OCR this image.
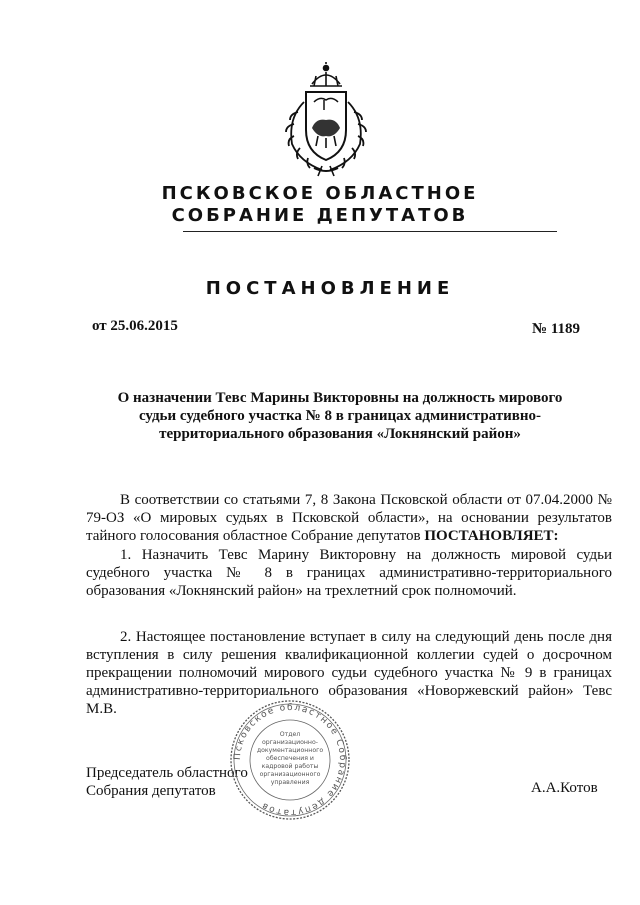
ПСКОВСКОЕ ОБЛАСТНОЕ
СОБРАНИЕ ДЕПУТАТОВ
ПОСТАНОВЛЕНИЕ
от 25.06.2015	№ 1189
О назначении Тевс Марины Викторовны на должность мирового судьи судебного участка № 8 в границах административно-территориального образования «Локнянский район»
В соответствии со статьями 7, 8 Закона Псковской области от 07.04.2000 № 79-ОЗ «О мировых судьях в Псковской области», на основании результатов тайного голосования областное Собрание депутатов ПОСТАНОВЛЯЕТ:
1. Назначить Тевс Марину Викторовну на должность мировой судьи судебного участка № 8 в границах административно-территориального образования «Локнянский район» на трехлетний срок полномочий.
2. Настоящее постановление вступает в силу на следующий день после дня вступления в силу решения квалификационной коллегии судей о досрочном прекращении полномочий мирового судьи судебного участка № 9 в границах административно-территориального образования «Новоржевский район» Тевс М.В.
Председатель областного
Собрания депутатов	А.А.Котов
Псковское областное Собрание депутатов
Отдел
организационно-
документационного
обеспечения и
кадровой работы
организационного
управления
